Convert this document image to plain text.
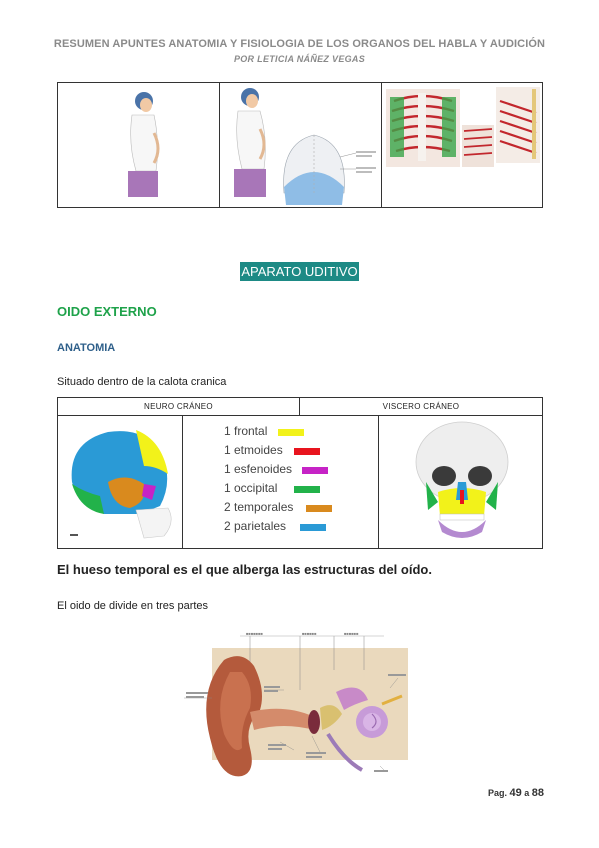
RESUMEN APUNTES ANATOMIA Y FISIOLOGIA DE LOS ORGANOS DEL HABLA Y AUDICIÓN
POR LETICIA NÁÑEZ VEGAS
APARATO UDITIVO
OIDO EXTERNO
ANATOMIA
Situado dentro de la calota cranica
NEURO CRÁNEO	VISCERO CRÁNEO
1 frontal
1 etmoides
1 esfenoides
1 occipital
2 temporales
2 parietales
El hueso temporal es el que alberga las estructuras del oído.
El oido de divide en tres partes
■■■■■■■	■■■■■■	■■■■■■
Pag. 49 a 88
